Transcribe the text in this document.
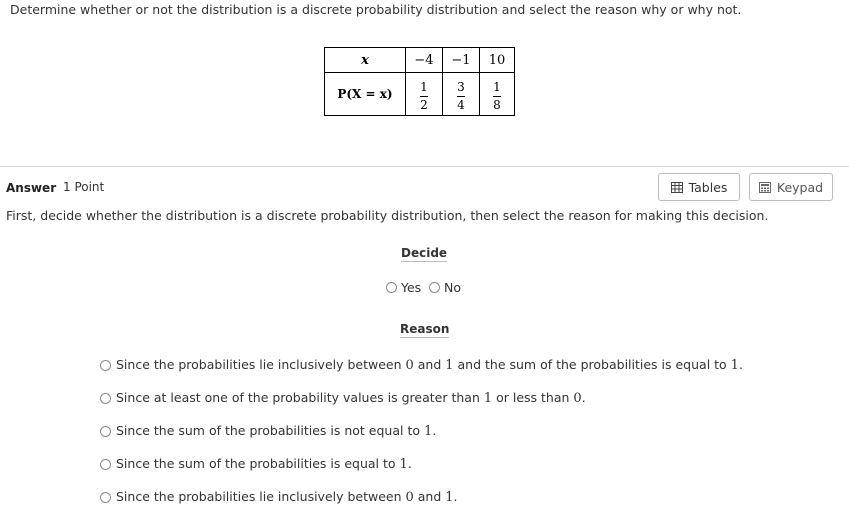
Determine whether or not the distribution is a discrete probability distribution and select the reason why or why not.
x	−4	−1	10
P(X = x)	$\frac{1}{2}$	$\frac{3}{4}$	$\frac{1}{8}$
Answer 1 Point	Tables	Keypad
First, decide whether the distribution is a discrete probability distribution, then select the reason for making this decision.
Decide
Yes No
Reason
Since the probabilities lie inclusively between 0 and 1 and the sum of the probabilities is equal to 1.
Since at least one of the probability values is greater than 1 or less than 0.
Since the sum of the probabilities is not equal to 1.
Since the sum of the probabilities is equal to 1.
Since the probabilities lie inclusively between 0 and 1.
